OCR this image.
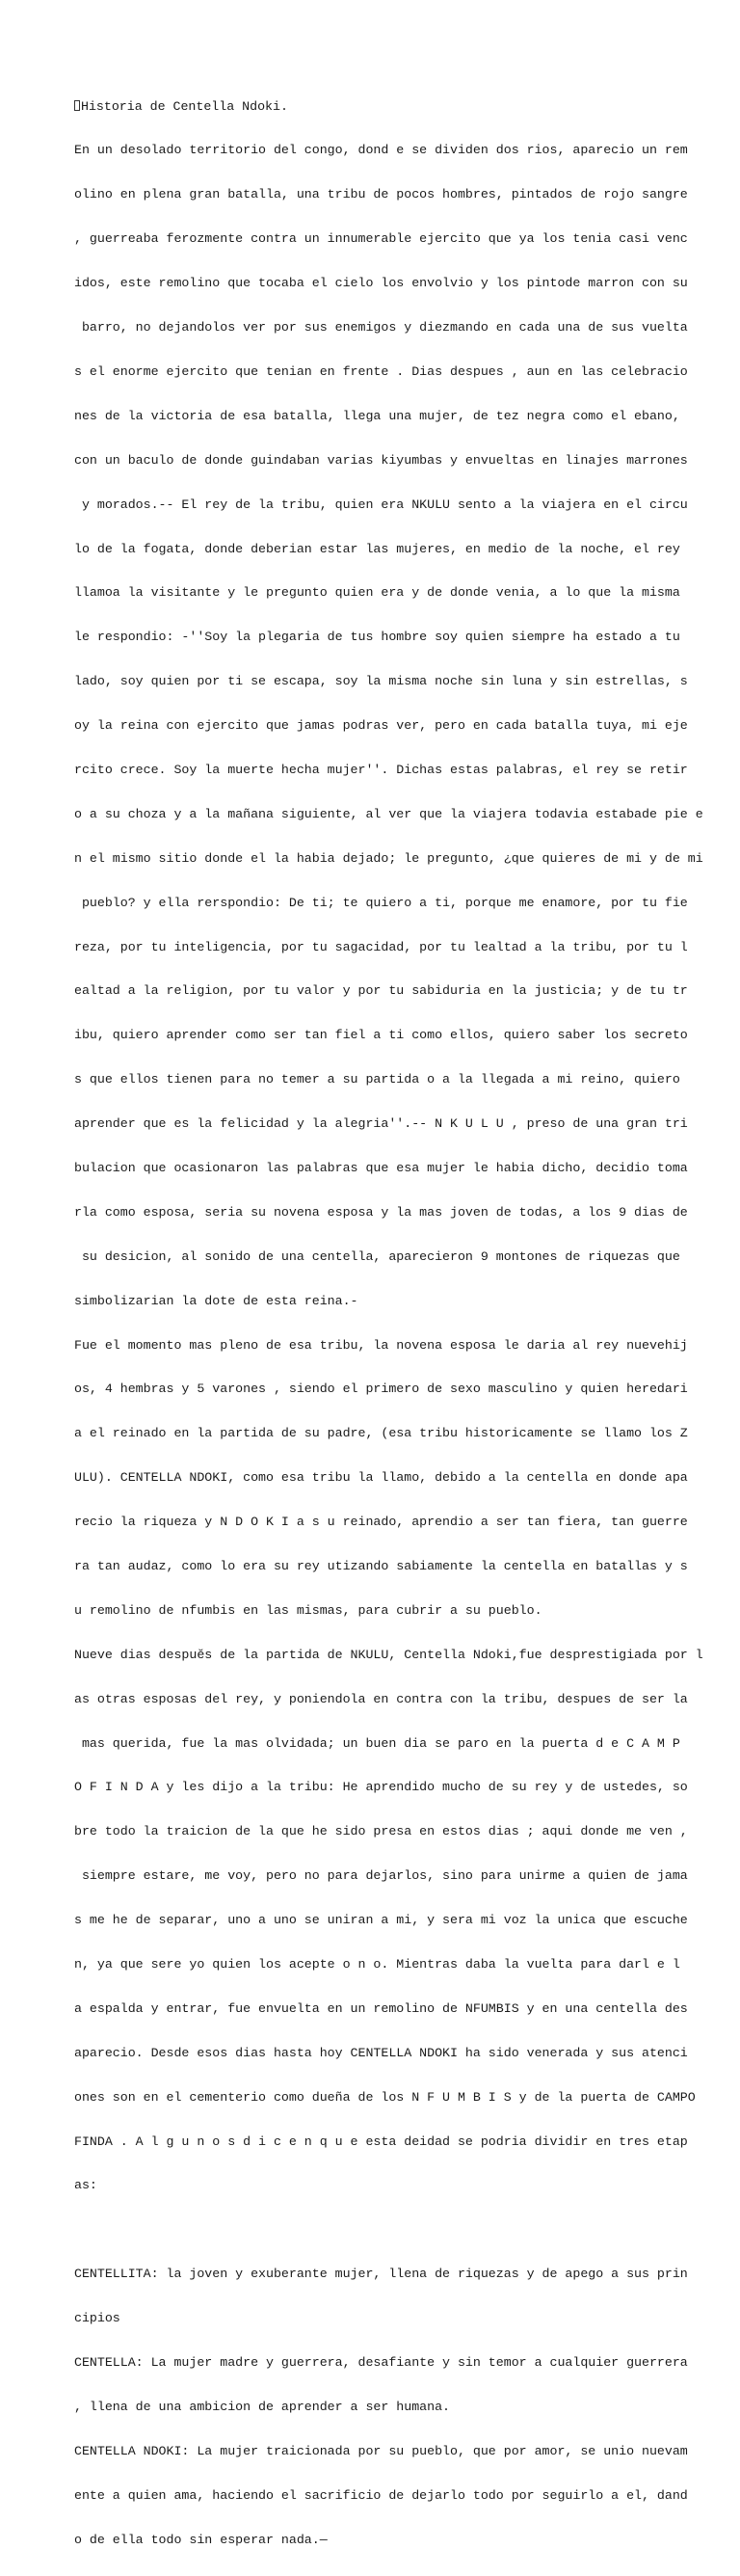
Historia de Centella Ndoki.

En un desolado territorio del congo, dond e se dividen dos rios, aparecio un rem

olino en plena gran batalla, una tribu de pocos hombres, pintados de rojo sangre

, guerreaba ferozmente contra un innumerable ejercito que ya los tenia casi venc

idos, este remolino que tocaba el cielo los envolvio y los pintode marron con su

barro, no dejandolos ver por sus enemigos y diezmando en cada una de sus vuelta

s el enorme ejercito que tenian en frente . Dias despues , aun en las celebracio

nes de la victoria de esa batalla, llega una mujer, de tez negra como el ebano,

con un baculo de donde guindaban varias kiyumbas y envueltas en linajes marrones

y morados.-- El rey de la tribu, quien era NKULU sento a la viajera en el circu

lo de la fogata, donde deberian estar las mujeres, en medio de la noche, el rey

llamoa la visitante y le pregunto quien era y de donde venia, a lo que la misma

le respondio: -''Soy la plegaria de tus hombre soy quien siempre ha estado a tu

lado, soy quien por ti se escapa, soy la misma noche sin luna y sin estrellas, s

oy la reina con ejercito que jamas podras ver, pero en cada batalla tuya, mi eje

rcito crece. Soy la muerte hecha mujer''. Dichas estas palabras, el rey se retir

o a su choza y a la mañana siguiente, al ver que la viajera todavia estabade pie e

n el mismo sitio donde el la habia dejado; le pregunto, ¿que quieres de mi y de mi

pueblo? y ella rerspondio: De ti; te quiero a ti, porque me enamore, por tu fie

reza, por tu inteligencia, por tu sagacidad, por tu lealtad a la tribu, por tu l

ealtad a la religion, por tu valor y por tu sabiduria en la justicia; y de tu tr

ibu, quiero aprender como ser tan fiel a ti como ellos, quiero saber los secreto

s que ellos tienen para no temer a su partida o a la llegada a mi reino, quiero

aprender que es la felicidad y la alegria''.-- N K U L U , preso de una gran tri

bulacion que ocasionaron las palabras que esa mujer le habia dicho, decidio toma

rla como esposa, seria su novena esposa y la mas joven de todas, a los 9 dias de

su desicion, al sonido de una centella, aparecieron 9 montones de riquezas que

simbolizarian la dote de esta reina.-

Fue el momento mas pleno de esa tribu, la novena esposa le daria al rey nuevehij

os, 4 hembras y 5 varones , siendo el primero de sexo masculino y quien heredari

a el reinado en la partida de su padre, (esa tribu historicamente se llamo los Z

ULU). CENTELLA NDOKI, como esa tribu la llamo, debido a la centella en donde apa

recio la riqueza y N D O K I a s u reinado, aprendio a ser tan fiera, tan guerre

ra tan audaz, como lo era su rey utizando sabiamente la centella en batallas y s

u remolino de nfumbis en las mismas, para cubrir a su pueblo.

Nueve dias despuĕs de la partida de NKULU, Centella Ndoki,fue desprestigiada por l

as otras esposas del rey, y poniendola en contra con la tribu, despues de ser la

mas querida, fue la mas olvidada; un buen dia se paro en la puerta d e C A M P

O F I N D A y les dijo a la tribu: He aprendido mucho de su rey y de ustedes, so

bre todo la traicion de la que he sido presa en estos dias ; aqui donde me ven ,

siempre estare, me voy, pero no para dejarlos, sino para unirme a quien de jama

s me he de separar, uno a uno se uniran a mi, y sera mi voz la unica que escuche

n, ya que sere yo quien los acepte o n o. Mientras daba la vuelta para darl e l

a espalda y entrar, fue envuelta en un remolino de NFUMBIS y en una centella des

aparecio. Desde esos dias hasta hoy CENTELLA NDOKI ha sido venerada y sus atenci

ones son en el cementerio como dueña de los N F U M B I S y de la puerta de CAMPO

FINDA . A l g u n o s d i c e n q u e esta deidad se podria dividir en tres etap

as:

CENTELLITA: la joven y exuberante mujer, llena de riquezas y de apego a sus prin

cipios

CENTELLA: La mujer madre y guerrera, desafiante y sin temor a cualquier guerrera

, llena de una ambicion de aprender a ser humana.

CENTELLA NDOKI: La mujer traicionada por su pueblo, que por amor, se unio nuevam

ente a quien ama, haciendo el sacrificio de dejarlo todo por seguirlo a el, dand

o de ella todo sin esperar nada.—
